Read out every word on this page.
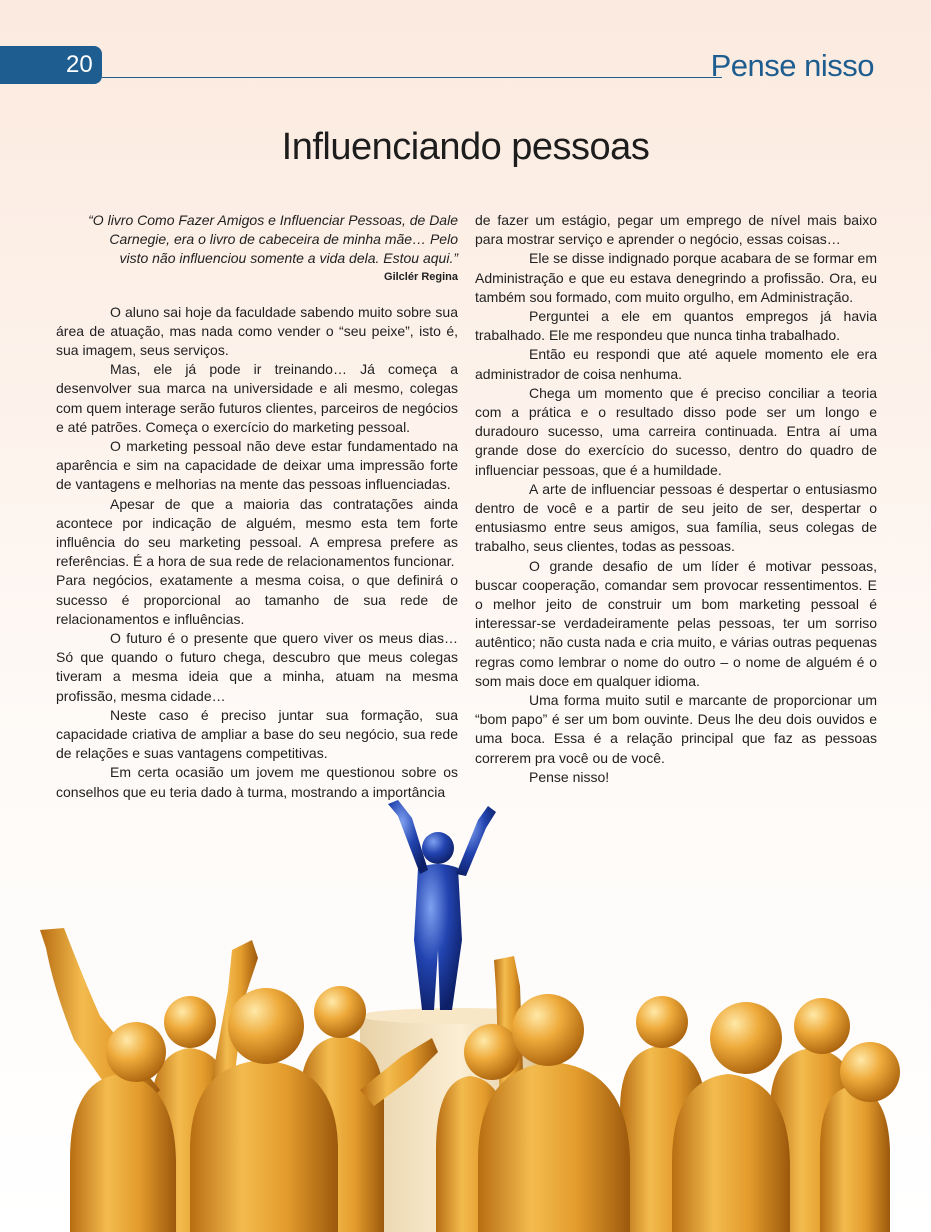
20	Pense nisso
Influenciando pessoas
“O livro Como Fazer Amigos e Influenciar Pessoas, de Dale Carnegie, era o livro de cabeceira de minha mãe… Pelo visto não influenciou somente a vida dela. Estou aqui.”
Gilclér Regina

O aluno sai hoje da faculdade sabendo muito sobre sua área de atuação, mas nada como vender o “seu peixe”, isto é, sua imagem, seus serviços.

Mas, ele já pode ir treinando… Já começa a desenvolver sua marca na universidade e ali mesmo, colegas com quem interage serão futuros clientes, parceiros de negócios e até patrões. Começa o exercício do marketing pessoal.

O marketing pessoal não deve estar fundamentado na aparência e sim na capacidade de deixar uma impressão forte de vantagens e melhorias na mente das pessoas influenciadas.

Apesar de que a maioria das contratações ainda acontece por indicação de alguém, mesmo esta tem forte influência do seu marketing pessoal. A empresa prefere as referências. É a hora de sua rede de relacionamentos funcionar.

Para negócios, exatamente a mesma coisa, o que definirá o sucesso é proporcional ao tamanho de sua rede de relacionamentos e influências.

O futuro é o presente que quero viver os meus dias… Só que quando o futuro chega, descubro que meus colegas tiveram a mesma ideia que a minha, atuam na mesma profissão, mesma cidade…

Neste caso é preciso juntar sua formação, sua capacidade criativa de ampliar a base do seu negócio, sua rede de relações e suas vantagens competitivas.

Em certa ocasião um jovem me questionou sobre os conselhos que eu teria dado à turma, mostrando a importância

de fazer um estágio, pegar um emprego de nível mais baixo para mostrar serviço e aprender o negócio, essas coisas…

Ele se disse indignado porque acabara de se formar em Administração e que eu estava denegrindo a profissão. Ora, eu também sou formado, com muito orgulho, em Administração.

Perguntei a ele em quantos empregos já havia trabalhado. Ele me respondeu que nunca tinha trabalhado.

Então eu respondi que até aquele momento ele era administrador de coisa nenhuma.

Chega um momento que é preciso conciliar a teoria com a prática e o resultado disso pode ser um longo e duradouro sucesso, uma carreira continuada. Entra aí uma grande dose do exercício do sucesso, dentro do quadro de influenciar pessoas, que é a humildade.

A arte de influenciar pessoas é despertar o entusiasmo dentro de você e a partir de seu jeito de ser, despertar o entusiasmo entre seus amigos, sua família, seus colegas de trabalho, seus clientes, todas as pessoas.

O grande desafio de um líder é motivar pessoas, buscar cooperação, comandar sem provocar ressentimentos. E o melhor jeito de construir um bom marketing pessoal é interessar-se verdadeiramente pelas pessoas, ter um sorriso autêntico; não custa nada e cria muito, e várias outras pequenas regras como lembrar o nome do outro – o nome de alguém é o som mais doce em qualquer idioma.

Uma forma muito sutil e marcante de proporcionar um “bom papo” é ser um bom ouvinte. Deus lhe deu dois ouvidos e uma boca. Essa é a relação principal que faz as pessoas correrem pra você ou de você.

Pense nisso!
